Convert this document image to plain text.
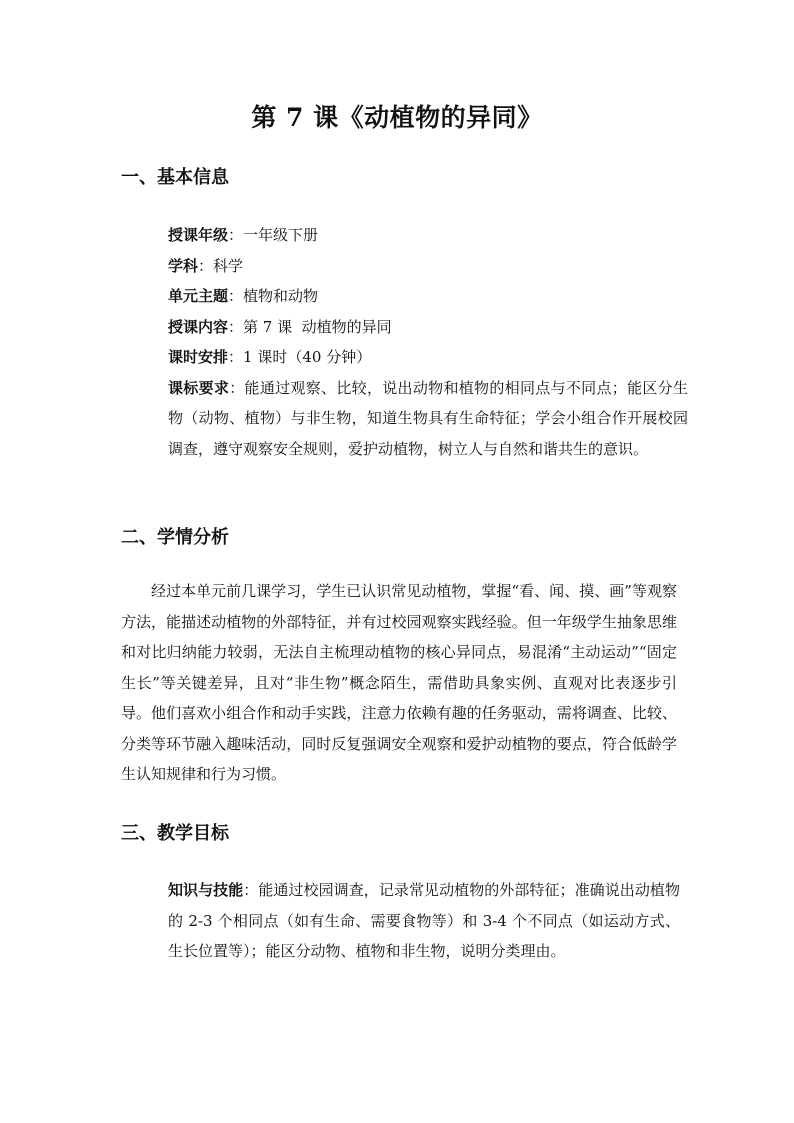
第 7 课《动植物的异同》
一、基本信息

授课年级：一年级下册

学科：科学

单元主题：植物和动物

授课内容：第 7 课  动植物的异同

课时安排：1 课时（40 分钟）

课标要求：能通过观察、比较，说出动物和植物的相同点与不同点；能区分生物（动物、植物）与非生物，知道生物具有生命特征；学会小组合作开展校园调查，遵守观察安全规则，爱护动植物，树立人与自然和谐共生的意识。

二、学情分析

经过本单元前几课学习，学生已认识常见动植物，掌握“看、闻、摸、画”等观察方法，能描述动植物的外部特征，并有过校园观察实践经验。但一年级学生抽象思维和对比归纳能力较弱，无法自主梳理动植物的核心异同点，易混淆“主动运动”“固定生长”等关键差异，且对“非生物”概念陌生，需借助具象实例、直观对比表逐步引导。他们喜欢小组合作和动手实践，注意力依赖有趣的任务驱动，需将调查、比较、分类等环节融入趣味活动，同时反复强调安全观察和爱护动植物的要点，符合低龄学生认知规律和行为习惯。

三、教学目标

知识与技能：能通过校园调查，记录常见动植物的外部特征；准确说出动植物的 2-3 个相同点（如有生命、需要食物等）和 3-4 个不同点（如运动方式、生长位置等）；能区分动物、植物和非生物，说明分类理由。
